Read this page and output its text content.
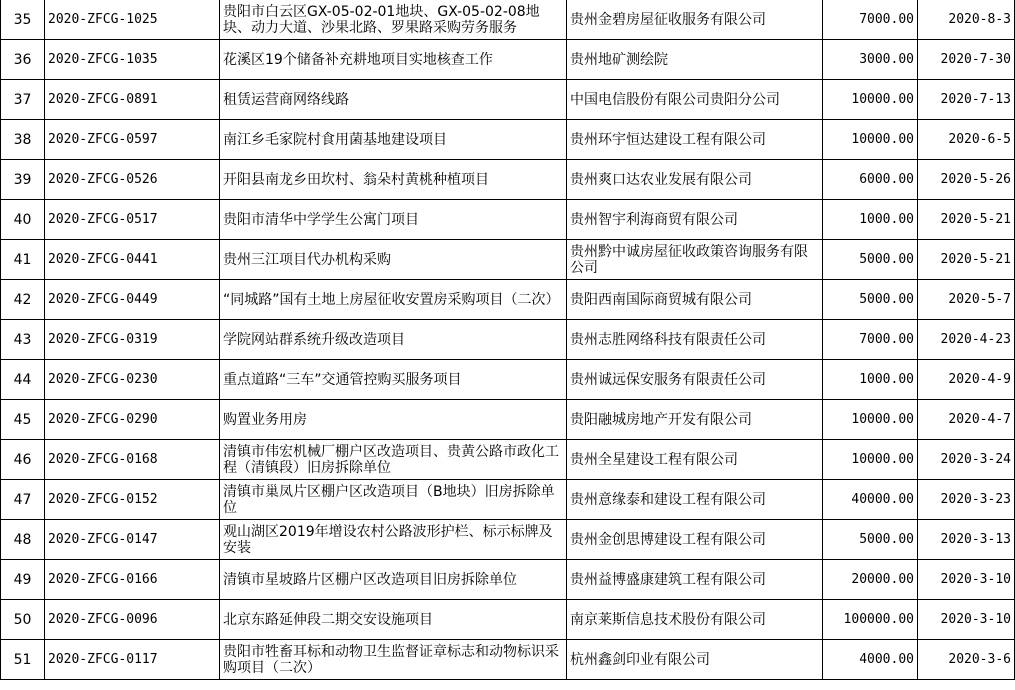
35	2020-ZFCG-1025	贵阳市白云区GX-05-02-01地块、GX-05-02-08地块、动力大道、沙果北路、罗果路采购劳务服务	贵州金碧房屋征收服务有限公司	7000.00	2020-8-3
36	2020-ZFCG-1035	花溪区19个储备补充耕地项目实地核查工作	贵州地矿测绘院	3000.00	2020-7-30
37	2020-ZFCG-0891	租赁运营商网络线路	中国电信股份有限公司贵阳分公司	10000.00	2020-7-13
38	2020-ZFCG-0597	南江乡毛家院村食用菌基地建设项目	贵州环宇恒达建设工程有限公司	10000.00	2020-6-5
39	2020-ZFCG-0526	开阳县南龙乡田坎村、翁朵村黄桃种植项目	贵州爽口达农业发展有限公司	6000.00	2020-5-26
40	2020-ZFCG-0517	贵阳市清华中学学生公寓门项目	贵州智宇利海商贸有限公司	1000.00	2020-5-21
41	2020-ZFCG-0441	贵州三江项目代办机构采购	贵州黔中诚房屋征收政策咨询服务有限公司	5000.00	2020-5-21
42	2020-ZFCG-0449	“同城路”国有土地上房屋征收安置房采购项目（二次）	贵阳西南国际商贸城有限公司	5000.00	2020-5-7
43	2020-ZFCG-0319	学院网站群系统升级改造项目	贵州志胜网络科技有限责任公司	7000.00	2020-4-23
44	2020-ZFCG-0230	重点道路“三车”交通管控购买服务项目	贵州诚远保安服务有限责任公司	1000.00	2020-4-9
45	2020-ZFCG-0290	购置业务用房	贵阳融城房地产开发有限公司	10000.00	2020-4-7
46	2020-ZFCG-0168	清镇市伟宏机械厂棚户区改造项目、贵黄公路市政化工程（清镇段）旧房拆除单位	贵州全星建设工程有限公司	10000.00	2020-3-24
47	2020-ZFCG-0152	清镇市巢凤片区棚户区改造项目（B地块）旧房拆除单位	贵州意缘泰和建设工程有限公司	40000.00	2020-3-23
48	2020-ZFCG-0147	观山湖区2019年增设农村公路波形护栏、标示标牌及安装	贵州金创思博建设工程有限公司	5000.00	2020-3-13
49	2020-ZFCG-0166	清镇市星坡路片区棚户区改造项目旧房拆除单位	贵州益博盛康建筑工程有限公司	20000.00	2020-3-10
50	2020-ZFCG-0096	北京东路延伸段二期交安设施项目	南京莱斯信息技术股份有限公司	100000.00	2020-3-10
51	2020-ZFCG-0117	贵阳市牲畜耳标和动物卫生监督证章标志和动物标识采购项目（二次）	杭州鑫剑印业有限公司	4000.00	2020-3-6
